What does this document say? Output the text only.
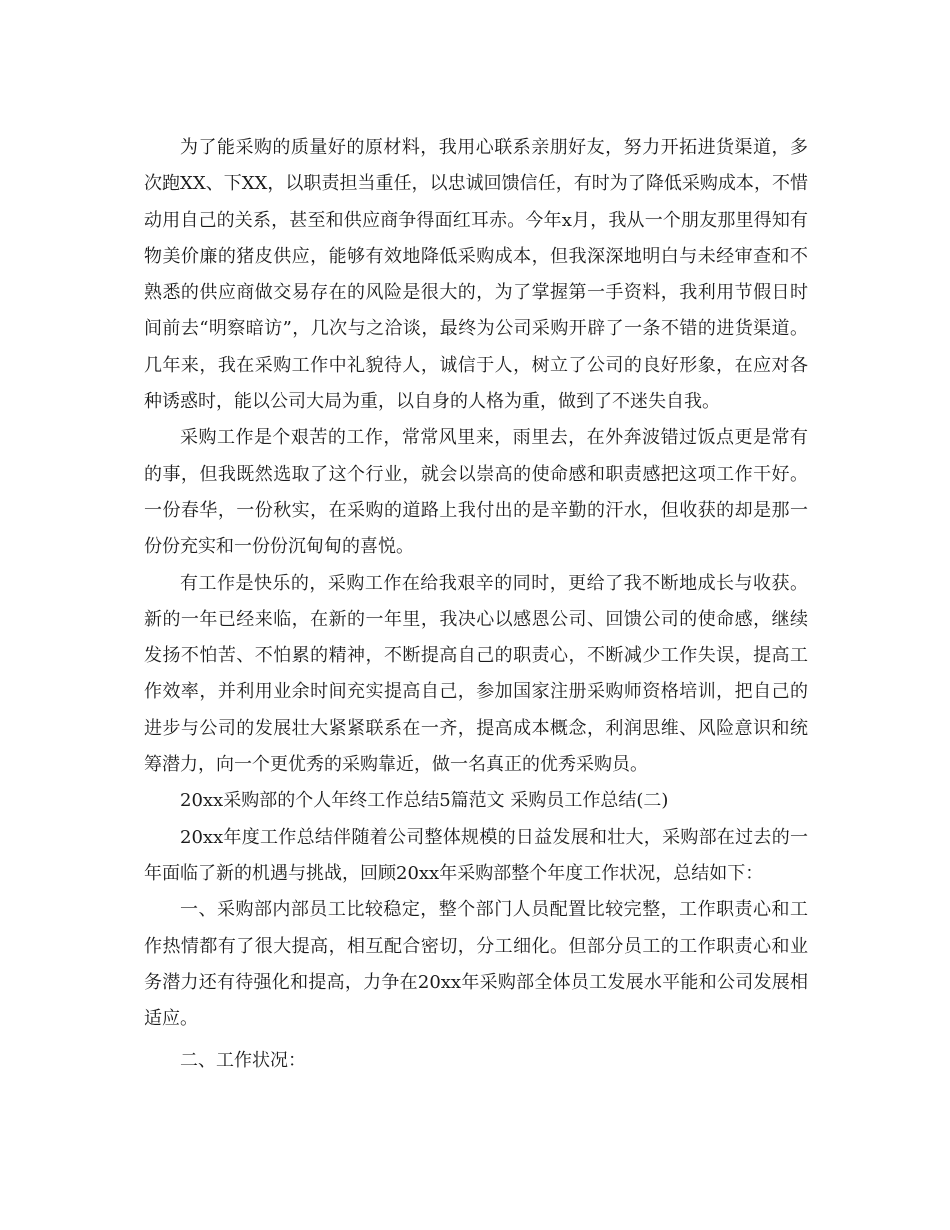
为了能采购的质量好的原材料，我用心联系亲朋好友，努力开拓进货渠道，多次跑XX、下XX，以职责担当重任，以忠诚回馈信任，有时为了降低采购成本，不惜动用自己的关系，甚至和供应商争得面红耳赤。今年x月，我从一个朋友那里得知有物美价廉的猪皮供应，能够有效地降低采购成本，但我深深地明白与未经审查和不熟悉的供应商做交易存在的风险是很大的，为了掌握第一手资料，我利用节假日时间前去“明察暗访”，几次与之洽谈，最终为公司采购开辟了一条不错的进货渠道。几年来，我在采购工作中礼貌待人，诚信于人，树立了公司的良好形象，在应对各种诱惑时，能以公司大局为重，以自身的人格为重，做到了不迷失自我。

采购工作是个艰苦的工作，常常风里来，雨里去，在外奔波错过饭点更是常有的事，但我既然选取了这个行业，就会以崇高的使命感和职责感把这项工作干好。一份春华，一份秋实，在采购的道路上我付出的是辛勤的汗水，但收获的却是那一份份充实和一份份沉甸甸的喜悦。

有工作是快乐的，采购工作在给我艰辛的同时，更给了我不断地成长与收获。新的一年已经来临，在新的一年里，我决心以感恩公司、回馈公司的使命感，继续发扬不怕苦、不怕累的精神，不断提高自己的职责心，不断减少工作失误，提高工作效率，并利用业余时间充实提高自己，参加国家注册采购师资格培训，把自己的进步与公司的发展壮大紧紧联系在一齐，提高成本概念，利润思维、风险意识和统筹潜力，向一个更优秀的采购靠近，做一名真正的优秀采购员。

20xx采购部的个人年终工作总结5篇范文 采购员工作总结(二)

20xx年度工作总结伴随着公司整体规模的日益发展和壮大，采购部在过去的一年面临了新的机遇与挑战，回顾20xx年采购部整个年度工作状况，总结如下：

一、采购部内部员工比较稳定，整个部门人员配置比较完整，工作职责心和工作热情都有了很大提高，相互配合密切，分工细化。但部分员工的工作职责心和业务潜力还有待强化和提高，力争在20xx年采购部全体员工发展水平能和公司发展相适应。

二、工作状况：
